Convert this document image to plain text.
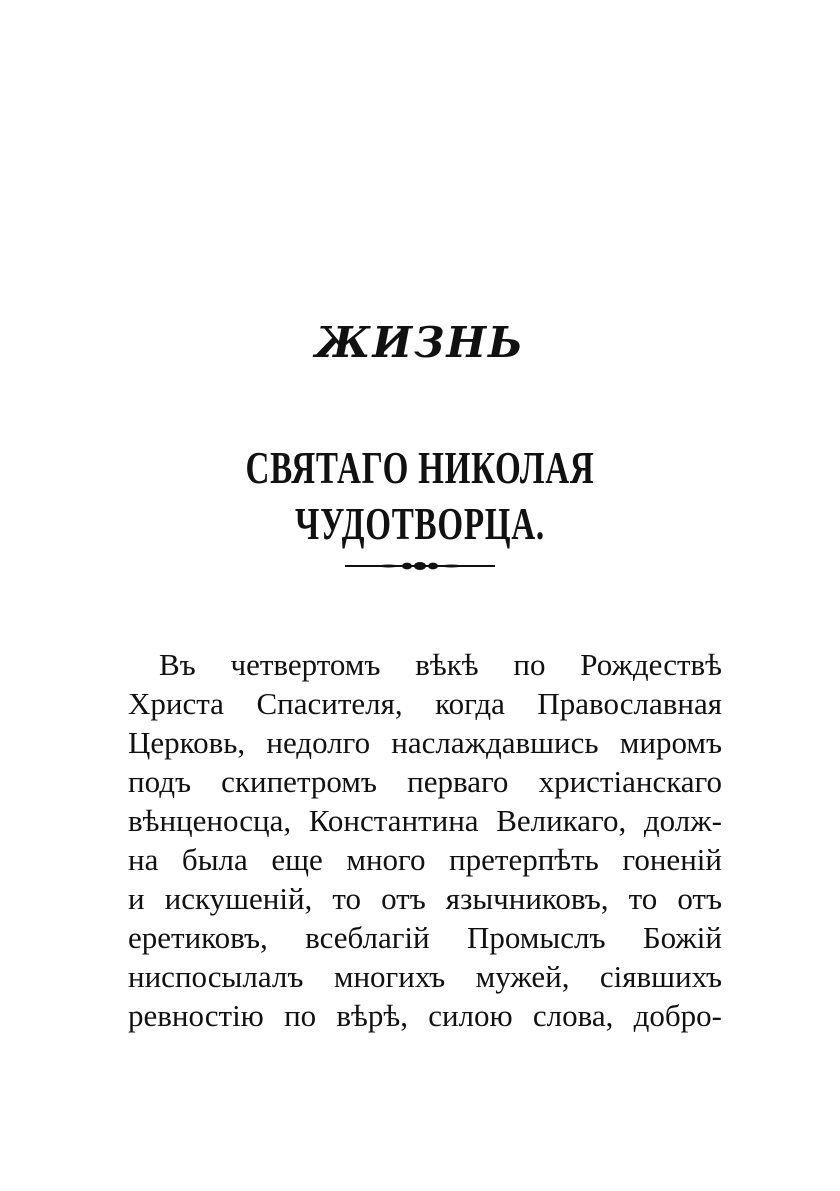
ЖИЗНЬ
СВЯТАГО НИКОЛАЯ ЧУДОТВОРЦА.
Въ четвертомъ вѣкѣ по Рождествѣ
Христа Спасителя, когда Православная
Церковь, недолго наслаждавшись миромъ
подъ скипетромъ перваго христіанскаго
вѣнценосца, Константина Великаго, долж-
на была еще много претерпѣть гоненій
и искушеній, то отъ язычниковъ, то отъ
еретиковъ, всеблагій Промыслъ Божій
ниспосылалъ многихъ мужей, сіявшихъ
ревностію по вѣрѣ, силою слова, добро-
